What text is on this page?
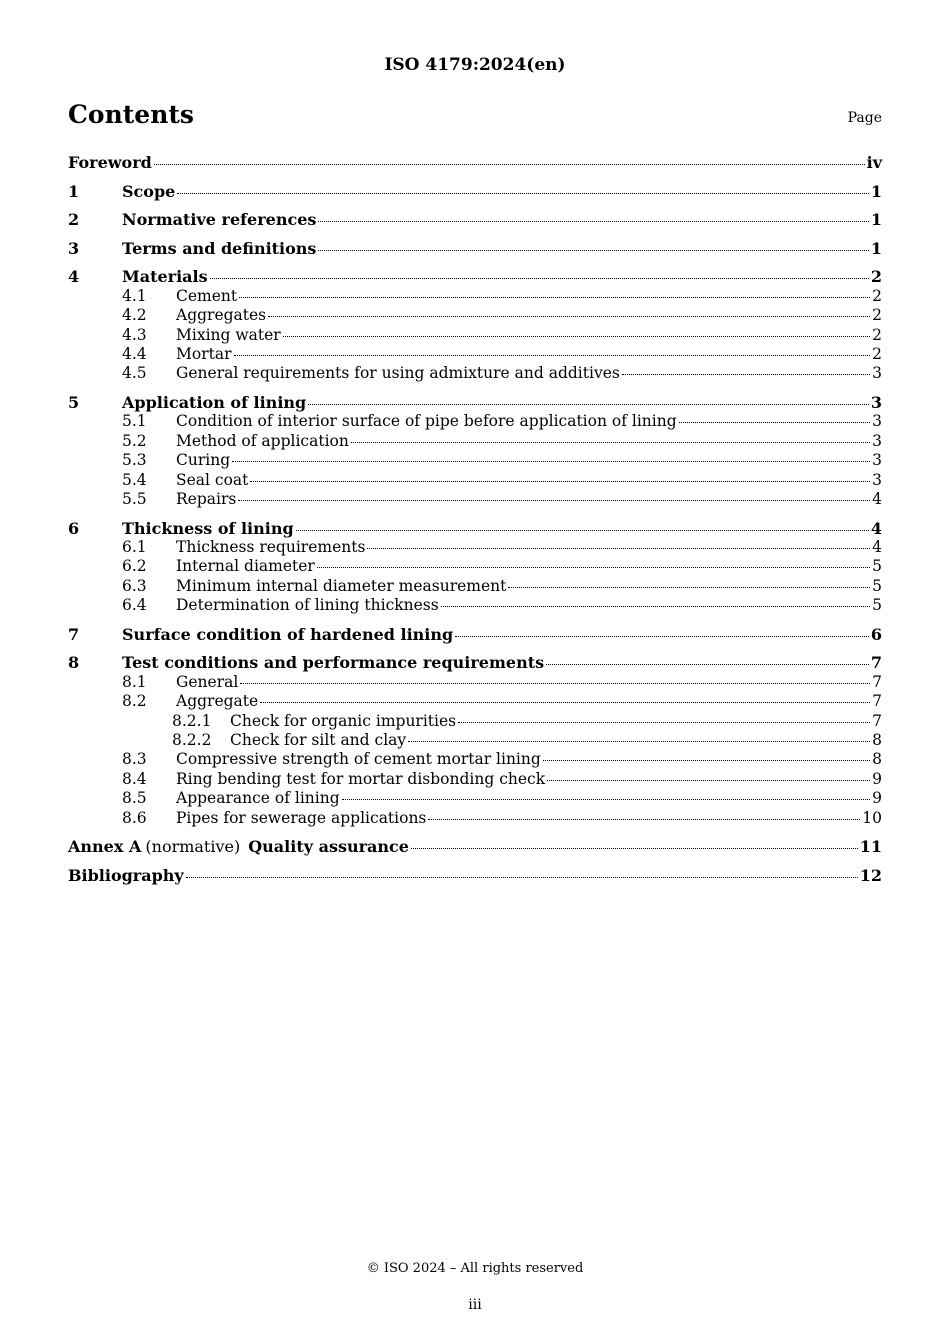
ISO 4179:2024(en)
Contents	Page
Foreword	iv
1	Scope	1
2	Normative references	1
3	Terms and definitions	1
4	Materials	2
4.1	Cement	2
4.2	Aggregates	2
4.3	Mixing water	2
4.4	Mortar	2
4.5	General requirements for using admixture and additives	3
5	Application of lining	3
5.1	Condition of interior surface of pipe before application of lining	3
5.2	Method of application	3
5.3	Curing	3
5.4	Seal coat	3
5.5	Repairs	4
6	Thickness of lining	4
6.1	Thickness requirements	4
6.2	Internal diameter	5
6.3	Minimum internal diameter measurement	5
6.4	Determination of lining thickness	5
7	Surface condition of hardened lining	6
8	Test conditions and performance requirements	7
8.1	General	7
8.2	Aggregate	7
8.2.1	Check for organic impurities	7
8.2.2	Check for silt and clay	8
8.3	Compressive strength of cement mortar lining	8
8.4	Ring bending test for mortar disbonding check	9
8.5	Appearance of lining	9
8.6	Pipes for sewerage applications	10
Annex A (normative) Quality assurance	11
Bibliography	12
© ISO 2024 – All rights reserved
iii
